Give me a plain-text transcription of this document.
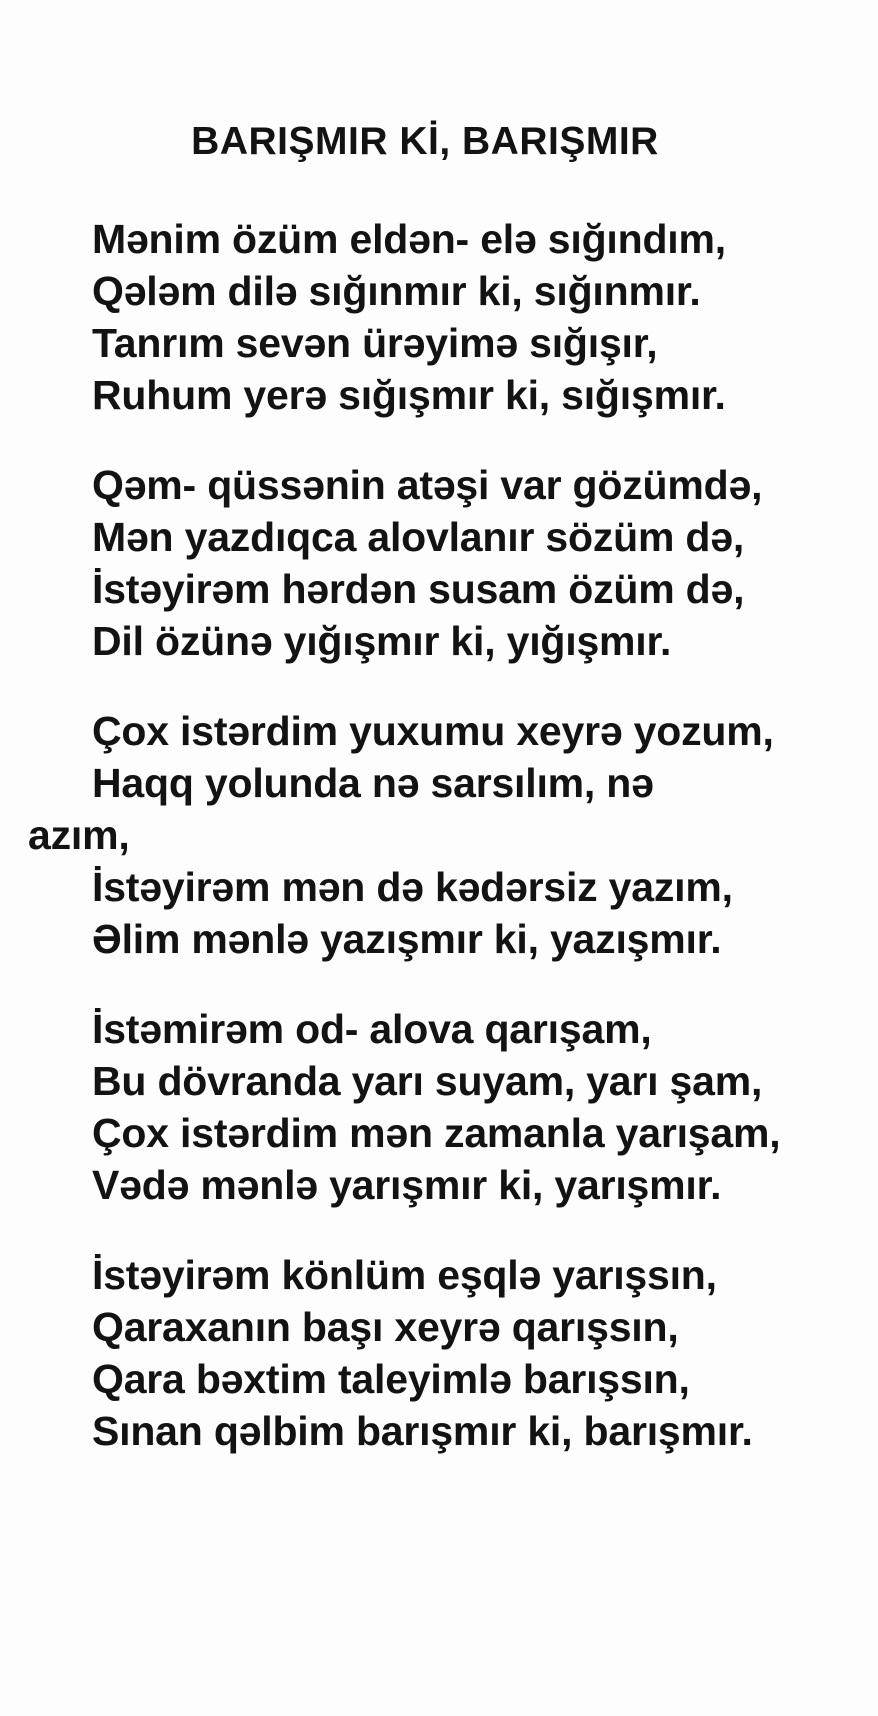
BARIŞMIR Kİ, BARIŞMIR
Mənim özüm eldən- elə sığındım,
Qələm dilə sığınmır ki, sığınmır.
Tanrım sevən ürəyimə sığışır,
Ruhum yerə sığışmır ki, sığışmır.
Qəm- qüssənin atəşi var gözümdə,
Mən yazdıqca alovlanır sözüm də,
İstəyirəm hərdən susam özüm də,
Dil özünə yığışmır ki, yığışmır.
Çox istərdim yuxumu xeyrə yozum,
Haqq yolunda nə sarsılım, nə
azım,
İstəyirəm mən də kədərsiz yazım,
Əlim mənlə yazışmır ki, yazışmır.
İstəmirəm od- alova qarışam,
Bu dövranda yarı suyam, yarı şam,
Çox istərdim mən zamanla yarışam,
Vədə mənlə yarışmır ki, yarışmır.
İstəyirəm könlüm eşqlə yarışsın,
Qaraxanın başı xeyrə qarışsın,
Qara bəxtim taleyimlə barışsın,
Sınan qəlbim barışmır ki, barışmır.
